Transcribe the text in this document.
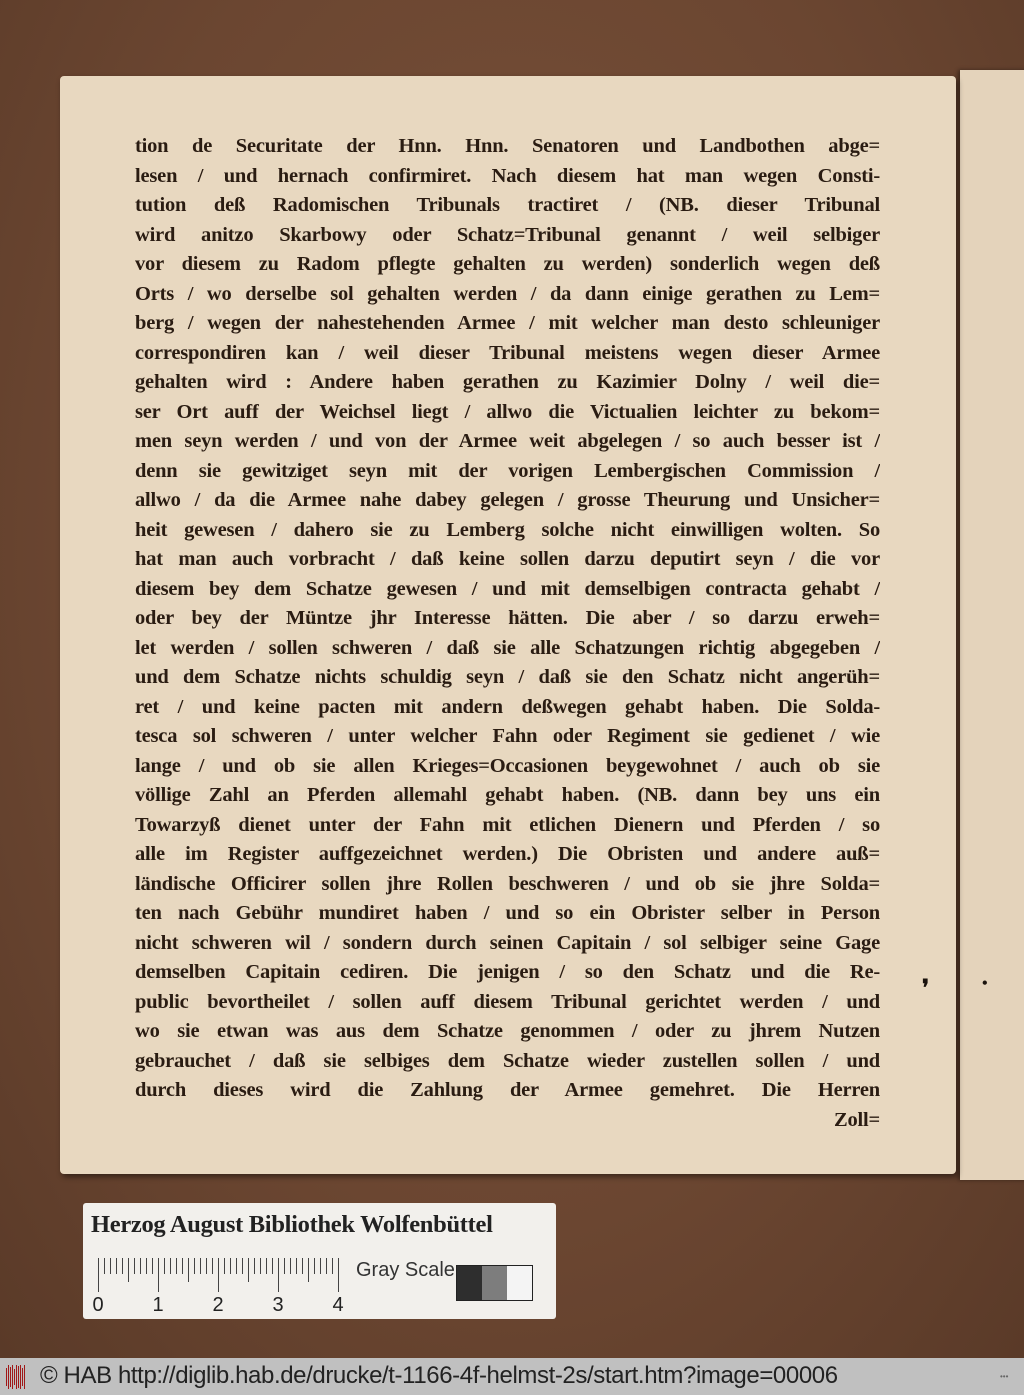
tion de Securitate der Hnn. Hnn. Senatoren und Landbothen abge=
lesen / und hernach confirmiret. Nach diesem hat man wegen Consti-
tution deß Radomischen Tribunals tractiret / (NB. dieser Tribunal
wird anitzo Skarbowy oder Schatz=Tribunal genannt / weil selbiger
vor diesem zu Radom pflegte gehalten zu werden) sonderlich wegen deß
Orts / wo derselbe sol gehalten werden / da dann einige gerathen zu Lem=
berg / wegen der nahestehenden Armee / mit welcher man desto schleuniger
correspondiren kan / weil dieser Tribunal meistens wegen dieser Armee
gehalten wird : Andere haben gerathen zu Kazimier Dolny / weil die=
ser Ort auff der Weichsel liegt / allwo die Victualien leichter zu bekom=
men seyn werden / und von der Armee weit abgelegen / so auch besser ist /
denn sie gewitziget seyn mit der vorigen Lembergischen Commission /
allwo / da die Armee nahe dabey gelegen / grosse Theurung und Unsicher=
heit gewesen / dahero sie zu Lemberg solche nicht einwilligen wolten. So
hat man auch vorbracht / daß keine sollen darzu deputirt seyn / die vor
diesem bey dem Schatze gewesen / und mit demselbigen contracta gehabt /
oder bey der Müntze jhr Interesse hätten. Die aber / so darzu erweh=
let werden / sollen schweren / daß sie alle Schatzungen richtig abgegeben /
und dem Schatze nichts schuldig seyn / daß sie den Schatz nicht angerüh=
ret / und keine pacten mit andern deßwegen gehabt haben. Die Solda-
tesca sol schweren / unter welcher Fahn oder Regiment sie gedienet / wie
lange / und ob sie allen Krieges=Occasionen beygewohnet / auch ob sie
völlige Zahl an Pferden allemahl gehabt haben. (NB. dann bey uns ein
Towarzyß dienet unter der Fahn mit etlichen Dienern und Pferden / so
alle im Register auffgezeichnet werden.) Die Obristen und andere auß=
ländische Officirer sollen jhre Rollen beschweren / und ob sie jhre Solda=
ten nach Gebühr mundiret haben / und so ein Obrister selber in Person
nicht schweren wil / sondern durch seinen Capitain / sol selbiger seine Gage
demselben Capitain cediren. Die jenigen / so den Schatz und die Re-
public bevortheilet / sollen auff diesem Tribunal gerichtet werden / und
wo sie etwan was aus dem Schatze genommen / oder zu jhrem Nutzen
gebrauchet / daß sie selbiges dem Schatze wieder zustellen sollen / und
durch dieses wird die Zahlung der Armee gemehret. Die Herren
Zoll=
❜	•
Herzog August Bibliothek Wolfenbüttel
0 1 2 3 4
Gray Scale
© HAB http://diglib.hab.de/drucke/t-1166-4f-helmst-2s/start.htm?image=00006	•••
